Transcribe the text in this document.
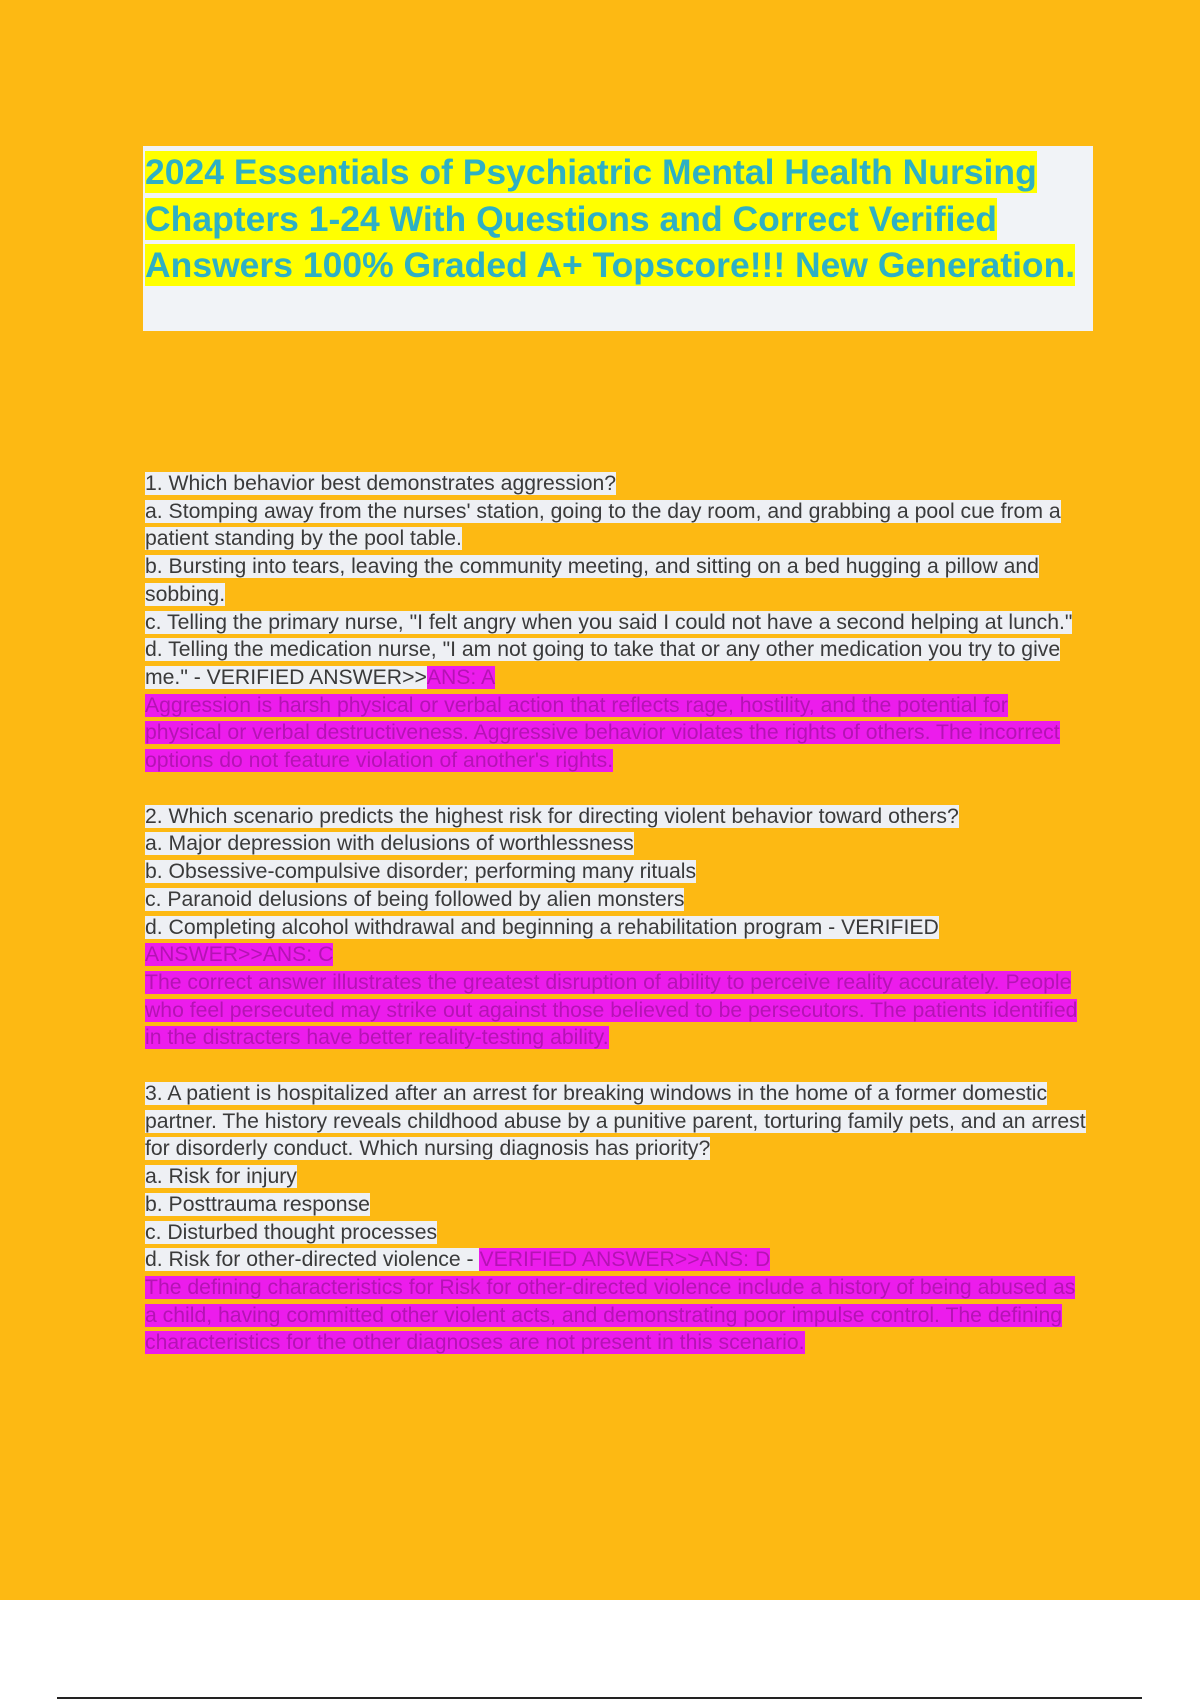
2024 Essentials of Psychiatric Mental Health Nursing Chapters 1-24 With Questions and Correct Verified Answers 100% Graded A+ Topscore!!! New Generation.

1. Which behavior best demonstrates aggression?

a. Stomping away from the nurses' station, going to the day room, and grabbing a pool cue from a patient standing by the pool table.

b. Bursting into tears, leaving the community meeting, and sitting on a bed hugging a pillow and sobbing.

c. Telling the primary nurse, "I felt angry when you said I could not have a second helping at lunch."

d. Telling the medication nurse, "I am not going to take that or any other medication you try to give me." - VERIFIED ANSWER>>ANS: A

Aggression is harsh physical or verbal action that reflects rage, hostility, and the potential for physical or verbal destructiveness. Aggressive behavior violates the rights of others. The incorrect options do not feature violation of another's rights.

2. Which scenario predicts the highest risk for directing violent behavior toward others?

a. Major depression with delusions of worthlessness

b. Obsessive-compulsive disorder; performing many rituals

c. Paranoid delusions of being followed by alien monsters

d. Completing alcohol withdrawal and beginning a rehabilitation program - VERIFIED ANSWER>>ANS: C

The correct answer illustrates the greatest disruption of ability to perceive reality accurately. People who feel persecuted may strike out against those believed to be persecutors. The patients identified in the distracters have better reality-testing ability.

3. A patient is hospitalized after an arrest for breaking windows in the home of a former domestic partner. The history reveals childhood abuse by a punitive parent, torturing family pets, and an arrest for disorderly conduct. Which nursing diagnosis has priority?

a. Risk for injury

b. Posttrauma response

c. Disturbed thought processes

d. Risk for other-directed violence - VERIFIED ANSWER>>ANS: D

The defining characteristics for Risk for other-directed violence include a history of being abused as a child, having committed other violent acts, and demonstrating poor impulse control. The defining characteristics for the other diagnoses are not present in this scenario.
